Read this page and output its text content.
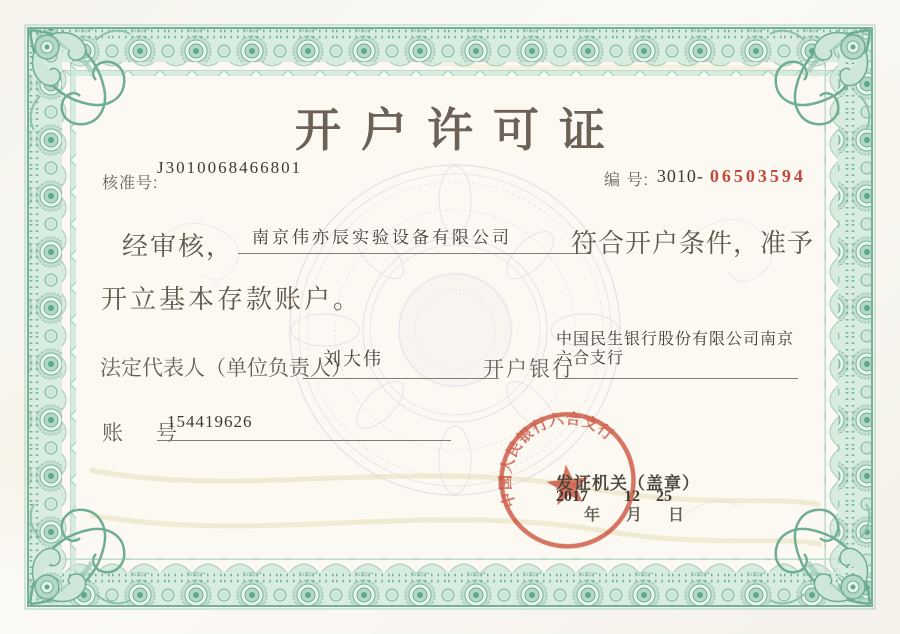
中国人民银行六合支行
开户许可证
核准号:
J3010068466801
编 号: 3010- 06503594
经审核， 南京伟亦辰实验设备有限公司 符合开户条件，准予
开立基本存款账户。
法定代表人（单位负责人）
刘大伟	开户银行
中国民生银行股份有限公司南京六合支行
账　号
154419626
发证机关（盖章）
2017
年
12
月
25
日
